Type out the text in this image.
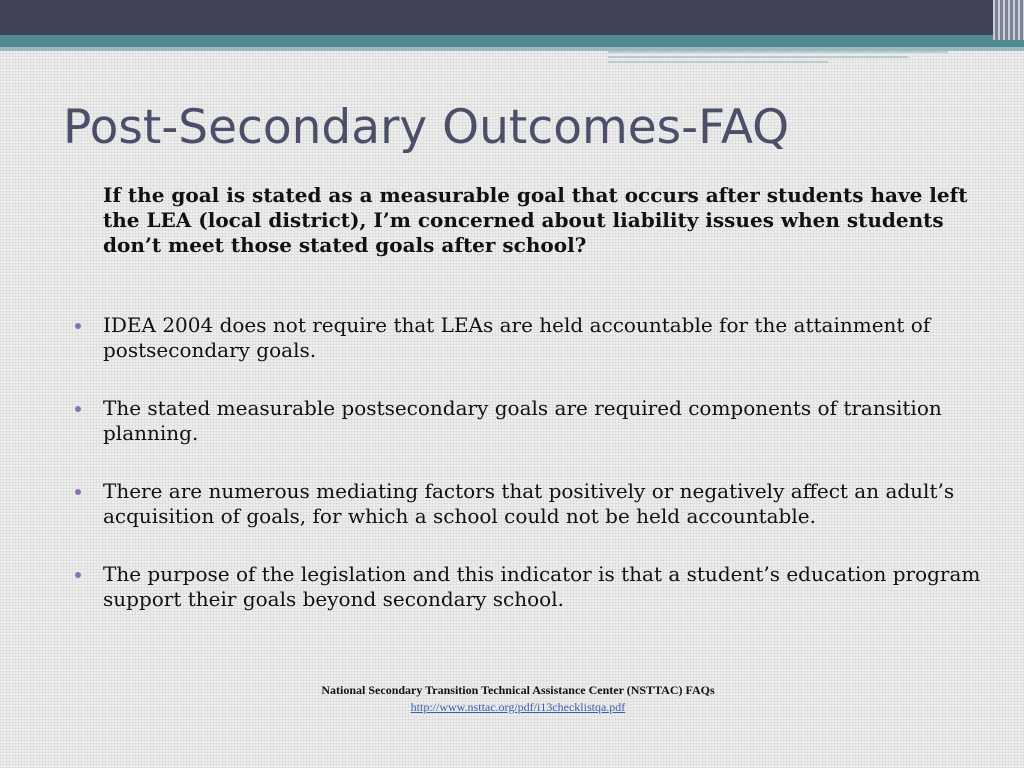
Post-Secondary Outcomes-FAQ

If the goal is stated as a measurable goal that occurs after students have left the LEA (local district), I’m concerned about liability issues when students don’t meet those stated goals after school?

IDEA 2004 does not require that LEAs are held accountable for the attainment of postsecondary goals.
The stated measurable postsecondary goals are required components of transition planning.
There are numerous mediating factors that positively or negatively affect an adult’s acquisition of goals, for which a school could not be held accountable.
The purpose of the legislation and this indicator is that a student’s education program support their goals beyond secondary school.

National Secondary Transition Technical Assistance Center (NSTTAC) FAQs

http://www.nsttac.org/pdf/i13checklistqa.pdf
